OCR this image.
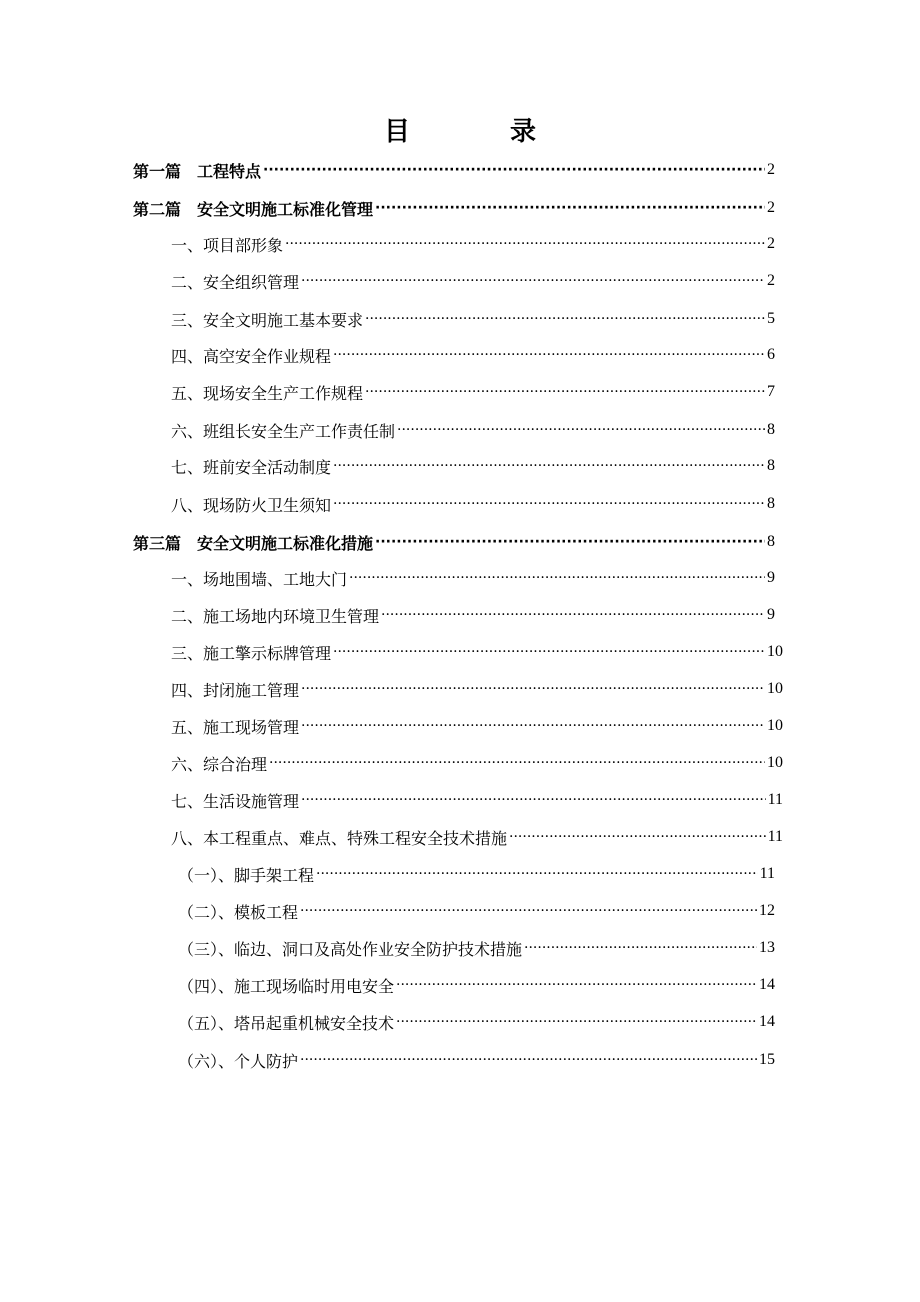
目	录
第一篇　工程特点 ·····	2
第二篇　安全文明施工标准化管理 ·····	2
一、项目部形象 ·····	2
二、安全组织管理 ·····	2
三、安全文明施工基本要求 ·····	5
四、高空安全作业规程 ·····	6
五、现场安全生产工作规程 ·····	7
六、班组长安全生产工作责任制 ·····	8
七、班前安全活动制度 ·····	8
八、现场防火卫生须知 ·····	8
第三篇　安全文明施工标准化措施 ·····	8
一、场地围墙、工地大门 ·····	9
二、施工场地内环境卫生管理 ·····	9
三、施工擎示标牌管理 ·····	10
四、封闭施工管理 ·····	10
五、施工现场管理 ·····	10
六、综合治理 ·····	10
七、生活设施管理 ·····	11
八、本工程重点、难点、特殊工程安全技术措施 ·····	11
（一）、脚手架工程 ·····	11
（二）、模板工程 ·····	12
（三）、临边、洞口及高处作业安全防护技术措施 ·····	13
（四）、施工现场临时用电安全 ·····	14
（五）、塔吊起重机械安全技术 ·····	14
（六）、个人防护 ·····	15
